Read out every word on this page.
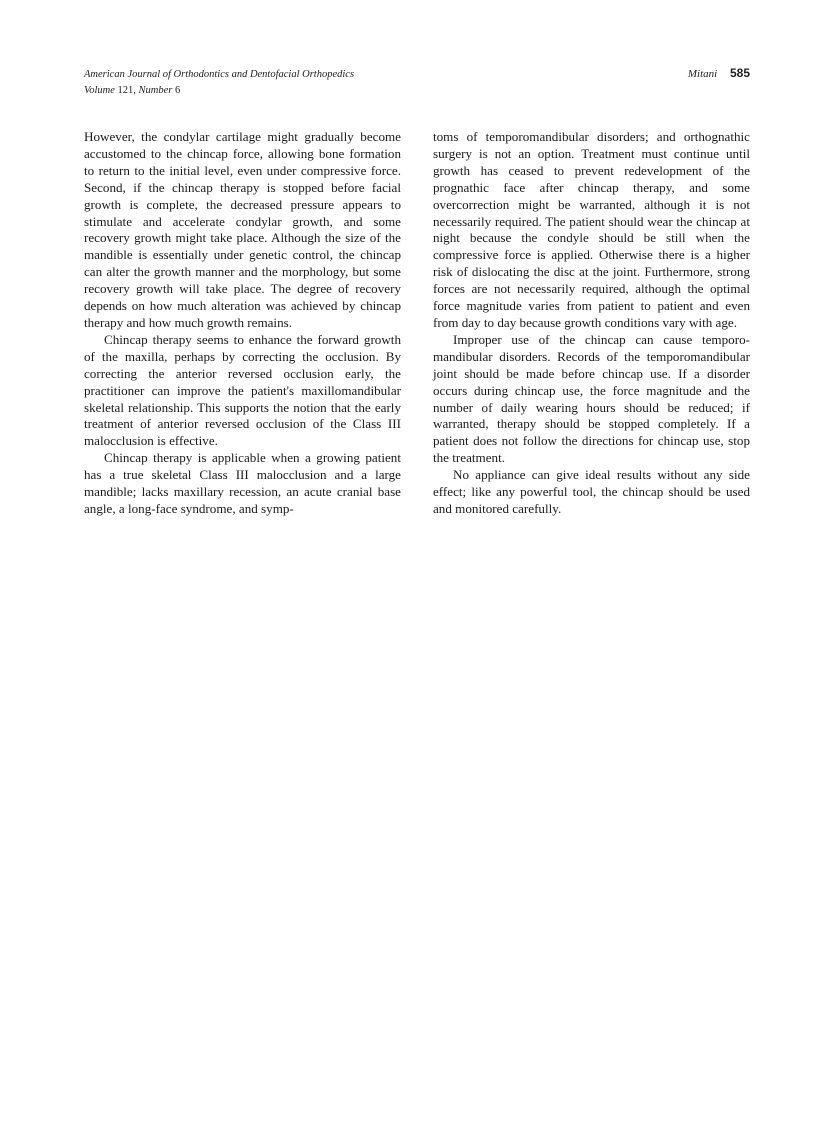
American Journal of Orthodontics and Dentofacial Orthopedics
Volume 121, Number 6
Mitani 585

However, the condylar cartilage might gradually become accustomed to the chincap force, allowing bone formation to return to the initial level, even under compressive force. Second, if the chincap therapy is stopped before facial growth is complete, the decreased pressure appears to stimulate and accelerate condylar growth, and some recovery growth might take place. Although the size of the mandible is essentially under genetic control, the chincap can alter the growth manner and the morphology, but some recovery growth will take place. The degree of recovery depends on how much alteration was achieved by chincap therapy and how much growth remains.

Chincap therapy seems to enhance the forward growth of the maxilla, perhaps by correcting the occlusion. By correcting the anterior reversed occlusion early, the practitioner can improve the patient's maxillomandibular skeletal relationship. This supports the notion that the early treatment of anterior reversed occlusion of the Class III malocclusion is effective.

Chincap therapy is applicable when a growing patient has a true skeletal Class III malocclusion and a large mandible; lacks maxillary recession, an acute cranial base angle, a long-face syndrome, and symp-

toms of temporomandibular disorders; and orthognathic surgery is not an option. Treatment must continue until growth has ceased to prevent redevelopment of the prognathic face after chincap therapy, and some overcorrection might be warranted, although it is not necessarily required. The patient should wear the chincap at night because the condyle should be still when the compressive force is applied. Otherwise there is a higher risk of dislocating the disc at the joint. Furthermore, strong forces are not necessarily required, although the optimal force magnitude varies from patient to patient and even from day to day because growth conditions vary with age.

Improper use of the chincap can cause temporomandibular disorders. Records of the temporomandibular joint should be made before chincap use. If a disorder occurs during chincap use, the force magnitude and the number of daily wearing hours should be reduced; if warranted, therapy should be stopped completely. If a patient does not follow the directions for chincap use, stop the treatment.

No appliance can give ideal results without any side effect; like any powerful tool, the chincap should be used and monitored carefully.
